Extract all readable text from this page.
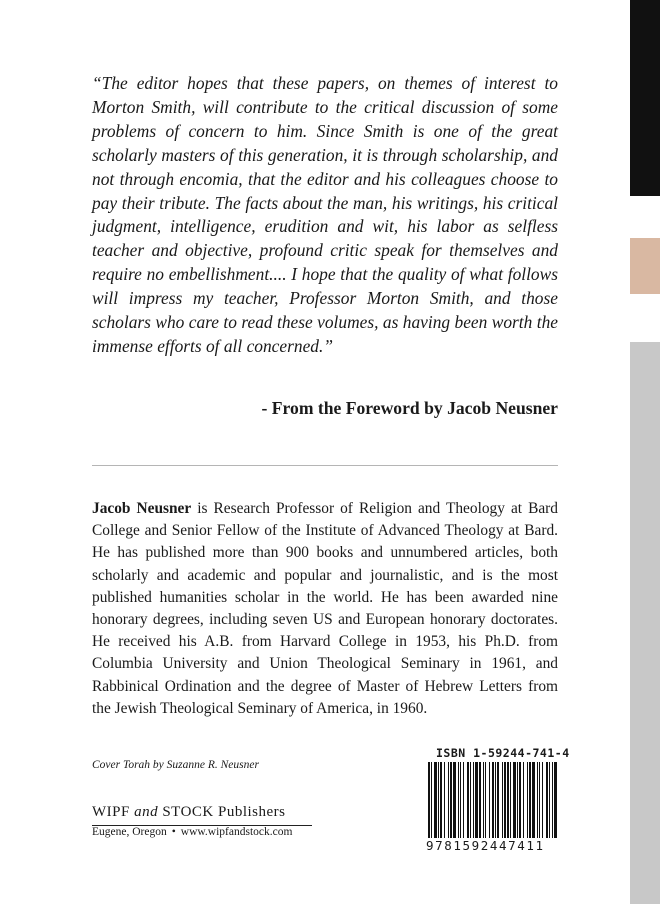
“The editor hopes that these papers, on themes of interest to Morton Smith, will contribute to the critical discussion of some problems of concern to him. Since Smith is one of the great scholarly masters of this generation, it is through scholarship, and not through encomia, that the editor and his colleagues choose to pay their tribute. The facts about the man, his writings, his critical judgment, intelligence, erudition and wit, his labor as selfless teacher and objective, profound critic speak for themselves and require no embellishment.... I hope that the quality of what follows will impress my teacher, Professor Morton Smith, and those scholars who care to read these volumes, as having been worth the immense efforts of all concerned.”

- From the Foreword by Jacob Neusner

Jacob Neusner is Research Professor of Religion and Theology at Bard College and Senior Fellow of the Institute of Advanced Theology at Bard. He has published more than 900 books and unnumbered articles, both scholarly and academic and popular and journalistic, and is the most published humanities scholar in the world. He has been awarded nine honorary degrees, including seven US and European honorary doctorates. He received his A.B. from Harvard College in 1953, his Ph.D. from Columbia University and Union Theological Seminary in 1961, and Rabbinical Ordination and the degree of Master of Hebrew Letters from the Jewish Theological Seminary of America, in 1960.

Cover Torah by Suzanne R. Neusner

WIPF and STOCK Publishers

Eugene, Oregon • www.wipfandstock.com

ISBN 1-59244-741-4
9781592447411
